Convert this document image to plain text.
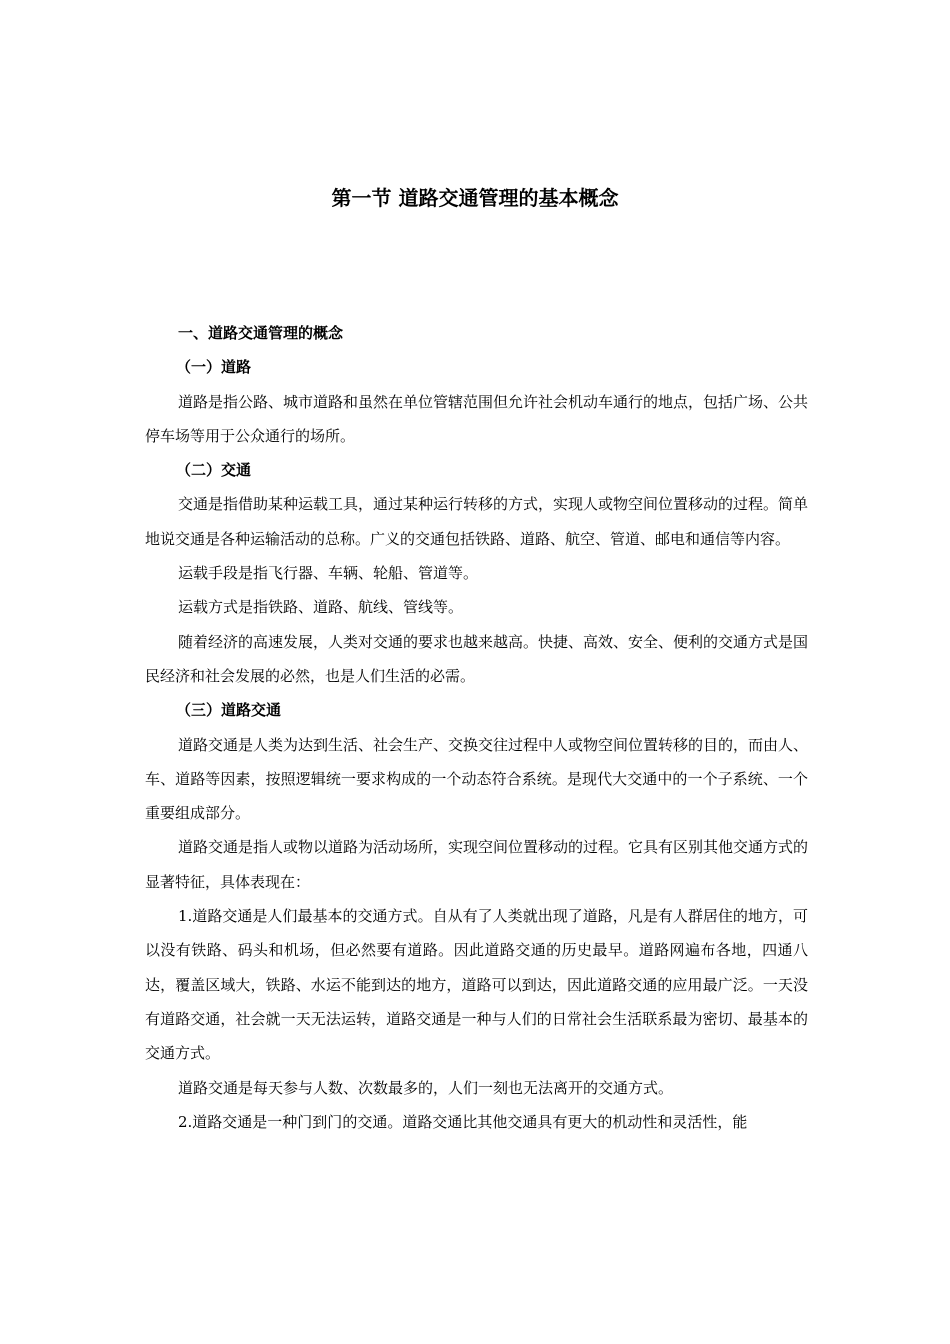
第一节 道路交通管理的基本概念

一、道路交通管理的概念

（一）道路

道路是指公路、城市道路和虽然在单位管辖范围但允许社会机动车通行的地点，包括广场、公共停车场等用于公众通行的场所。

（二）交通

交通是指借助某种运载工具，通过某种运行转移的方式，实现人或物空间位置移动的过程。简单地说交通是各种运输活动的总称。广义的交通包括铁路、道路、航空、管道、邮电和通信等内容。

运载手段是指飞行器、车辆、轮船、管道等。

运载方式是指铁路、道路、航线、管线等。

随着经济的高速发展，人类对交通的要求也越来越高。快捷、高效、安全、便利的交通方式是国民经济和社会发展的必然，也是人们生活的必需。

（三）道路交通

道路交通是人类为达到生活、社会生产、交换交往过程中人或物空间位置转移的目的，而由人、车、道路等因素，按照逻辑统一要求构成的一个动态符合系统。是现代大交通中的一个子系统、一个重要组成部分。

道路交通是指人或物以道路为活动场所，实现空间位置移动的过程。它具有区别其他交通方式的显著特征，具体表现在：

1.道路交通是人们最基本的交通方式。自从有了人类就出现了道路，凡是有人群居住的地方，可以没有铁路、码头和机场，但必然要有道路。因此道路交通的历史最早。道路网遍布各地，四通八达，覆盖区域大，铁路、水运不能到达的地方，道路可以到达，因此道路交通的应用最广泛。一天没有道路交通，社会就一天无法运转，道路交通是一种与人们的日常社会生活联系最为密切、最基本的交通方式。

道路交通是每天参与人数、次数最多的，人们一刻也无法离开的交通方式。

2.道路交通是一种门到门的交通。道路交通比其他交通具有更大的机动性和灵活性，能
